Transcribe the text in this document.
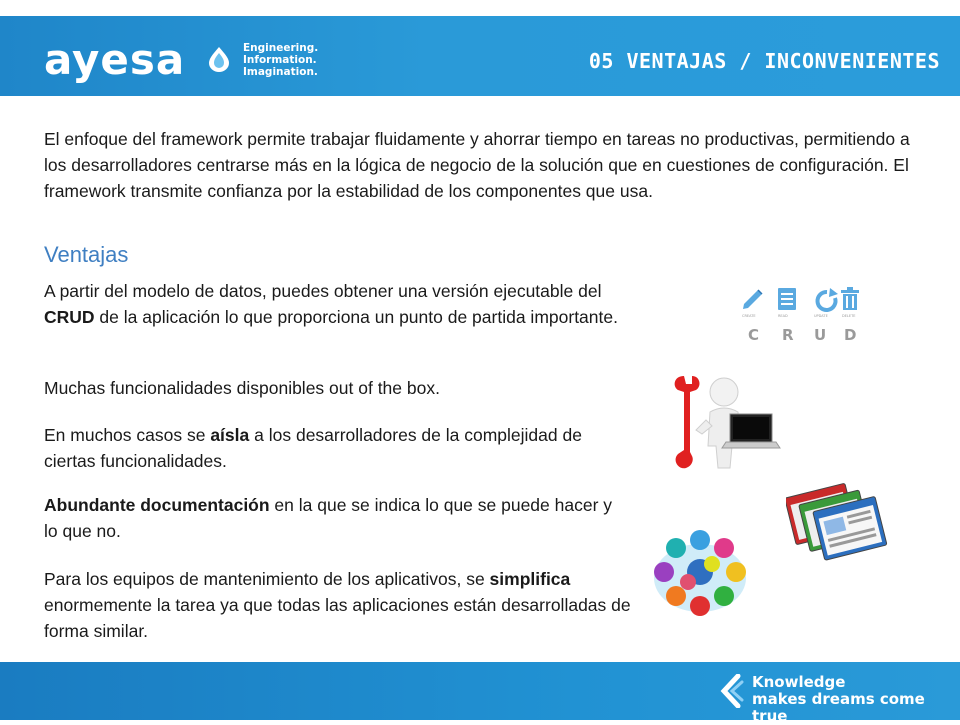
ayesa	Engineering.
Information.
Imagination.	05 VENTAJAS / INCONVENIENTES
El enfoque del framework permite trabajar fluidamente y ahorrar tiempo en tareas no productivas, permitiendo a los desarrolladores centrarse más en la lógica de negocio de la solución que en cuestiones de configuración. El framework transmite confianza por la estabilidad de los componentes que usa.
Ventajas
A partir del modelo de datos, puedes obtener una versión ejecutable del CRUD de la aplicación lo que proporciona un punto de partida importante.
Muchas funcionalidades disponibles out of the box.
En muchos casos se aísla a los desarrolladores de la complejidad de ciertas funcionalidades.
Abundante documentación en la que se indica lo que se puede hacer y lo que no.
Para los equipos de mantenimiento de los aplicativos, se simplifica enormemente la tarea ya que todas las aplicaciones están desarrolladas de forma similar.
CREATE	READ	UPDATE	DELETE
C R U D
Knowledge
makes dreams come true
